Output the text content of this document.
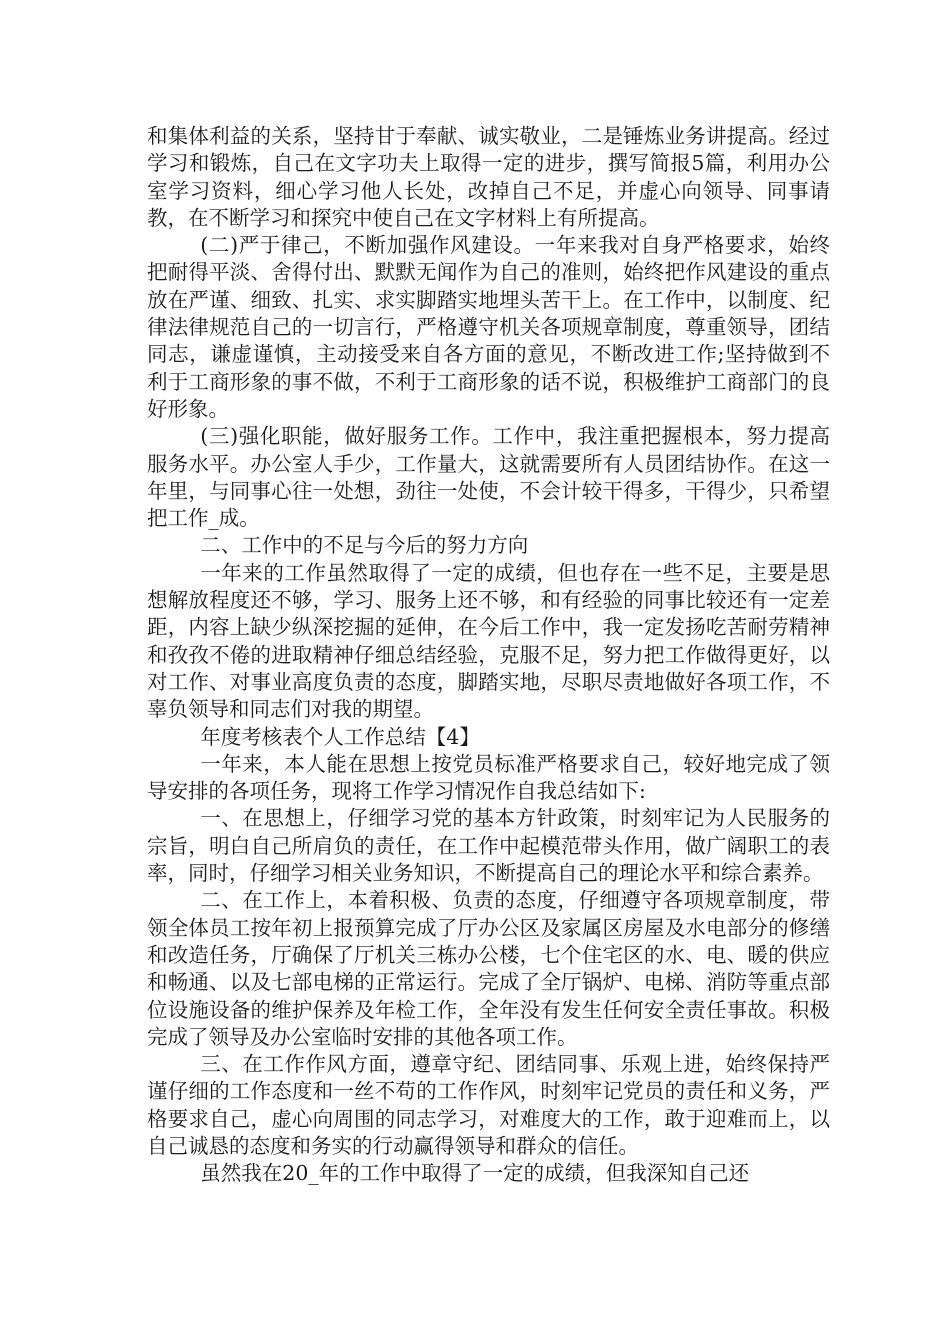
和集体利益的关系，坚持甘于奉献、诚实敬业，二是锤炼业务讲提高。经过学习和锻炼，自己在文字功夫上取得一定的进步，撰写简报5篇，利用办公室学习资料，细心学习他人长处，改掉自己不足，并虚心向领导、同事请教，在不断学习和探究中使自己在文字材料上有所提高。

(二)严于律己，不断加强作风建设。一年来我对自身严格要求，始终把耐得平淡、舍得付出、默默无闻作为自己的准则，始终把作风建设的重点放在严谨、细致、扎实、求实脚踏实地埋头苦干上。在工作中，以制度、纪律法律规范自己的一切言行，严格遵守机关各项规章制度，尊重领导，团结同志，谦虚谨慎，主动接受来自各方面的意见，不断改进工作;坚持做到不利于工商形象的事不做，不利于工商形象的话不说，积极维护工商部门的良好形象。

(三)强化职能，做好服务工作。工作中，我注重把握根本，努力提高服务水平。办公室人手少，工作量大，这就需要所有人员团结协作。在这一年里，与同事心往一处想，劲往一处使，不会计较干得多，干得少，只希望把工作_成。

二、工作中的不足与今后的努力方向

一年来的工作虽然取得了一定的成绩，但也存在一些不足，主要是思想解放程度还不够，学习、服务上还不够，和有经验的同事比较还有一定差距，内容上缺少纵深挖掘的延伸，在今后工作中，我一定发扬吃苦耐劳精神和孜孜不倦的进取精神仔细总结经验，克服不足，努力把工作做得更好，以对工作、对事业高度负责的态度，脚踏实地，尽职尽责地做好各项工作，不辜负领导和同志们对我的期望。

年度考核表个人工作总结【4】

一年来，本人能在思想上按党员标准严格要求自己，较好地完成了领导安排的各项任务，现将工作学习情况作自我总结如下:

一、在思想上，仔细学习党的基本方针政策，时刻牢记为人民服务的宗旨，明白自己所肩负的责任，在工作中起模范带头作用，做广阔职工的表率，同时，仔细学习相关业务知识，不断提高自己的理论水平和综合素养。

二、在工作上，本着积极、负责的态度，仔细遵守各项规章制度，带领全体员工按年初上报预算完成了厅办公区及家属区房屋及水电部分的修缮和改造任务，厅确保了厅机关三栋办公楼，七个住宅区的水、电、暖的供应和畅通、以及七部电梯的正常运行。完成了全厅锅炉、电梯、消防等重点部位设施设备的维护保养及年检工作，全年没有发生任何安全责任事故。积极完成了领导及办公室临时安排的其他各项工作。

三、在工作作风方面，遵章守纪、团结同事、乐观上进，始终保持严谨仔细的工作态度和一丝不苟的工作作风，时刻牢记党员的责任和义务，严格要求自己，虚心向周围的同志学习，对难度大的工作，敢于迎难而上，以自己诚恳的态度和务实的行动赢得领导和群众的信任。

虽然我在20_年的工作中取得了一定的成绩，但我深知自己还
